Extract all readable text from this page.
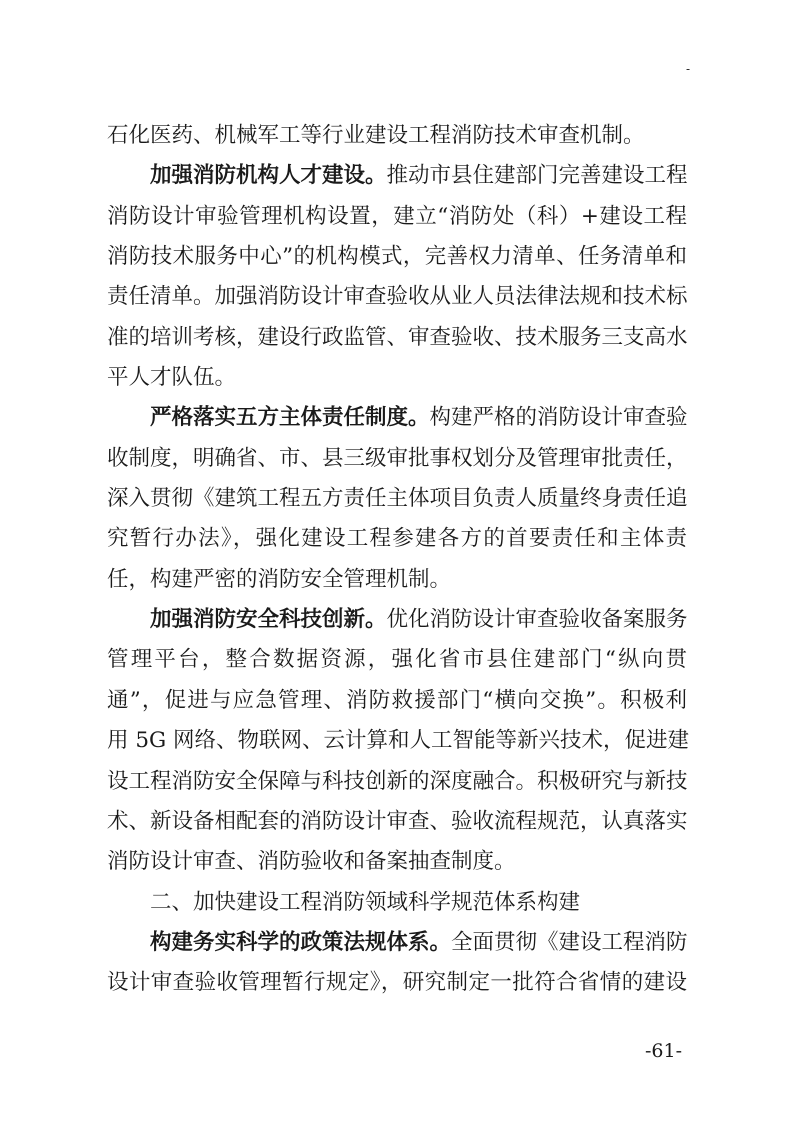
-
石化医药、机械军工等行业建设工程消防技术审查机制。
加强消防机构人才建设。推动市县住建部门完善建设工程
消防设计审验管理机构设置，建立“消防处（科）+建设工程
消防技术服务中心”的机构模式，完善权力清单、任务清单和
责任清单。加强消防设计审查验收从业人员法律法规和技术标
准的培训考核，建设行政监管、审查验收、技术服务三支高水
平人才队伍。
严格落实五方主体责任制度。构建严格的消防设计审查验
收制度，明确省、市、县三级审批事权划分及管理审批责任，
深入贯彻《建筑工程五方责任主体项目负责人质量终身责任追
究暂行办法》，强化建设工程参建各方的首要责任和主体责
任，构建严密的消防安全管理机制。
加强消防安全科技创新。优化消防设计审查验收备案服务
管理平台，整合数据资源，强化省市县住建部门“纵向贯
通”，促进与应急管理、消防救援部门“横向交换”。积极利
用 5G 网络、物联网、云计算和人工智能等新兴技术，促进建
设工程消防安全保障与科技创新的深度融合。积极研究与新技
术、新设备相配套的消防设计审查、验收流程规范，认真落实
消防设计审查、消防验收和备案抽查制度。
二、加快建设工程消防领域科学规范体系构建
构建务实科学的政策法规体系。全面贯彻《建设工程消防
设计审查验收管理暂行规定》，研究制定一批符合省情的建设
-61-
